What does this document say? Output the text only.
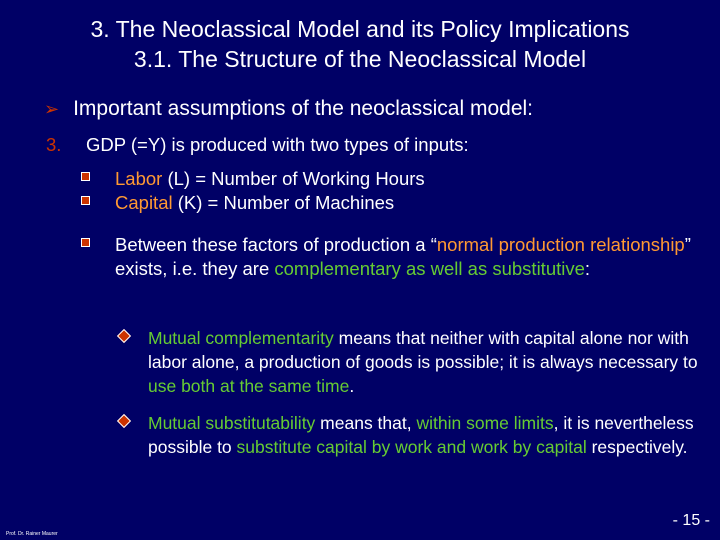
3. The Neoclassical Model and its Policy Implications
3.1. The Structure of the Neoclassical Model
➢ Important assumptions of the neoclassical model:
3. GDP (=Y) is produced with two types of inputs:
Labor (L) = Number of Working Hours
Capital (K) = Number of Machines
Between these factors of production a “normal production relationship” exists, i.e. they are complementary as well as substitutive:
Mutual complementarity means that neither with capital alone nor with labor alone, a production of goods is possible; it is always necessary to use both at the same time.
Mutual substitutability means that, within some limits, it is nevertheless possible to substitute capital by work and work by capital respectively.
Prof. Dr. Rainer Maurer
- 15 -
